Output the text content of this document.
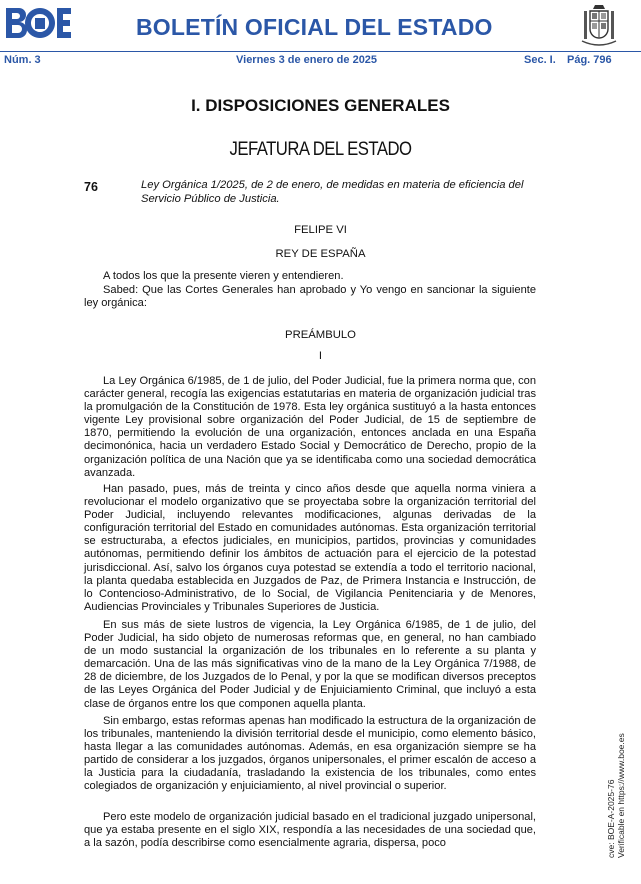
BOLETÍN OFICIAL DEL ESTADO
Núm. 3	Viernes 3 de enero de 2025	Sec. I. Pág. 796
I. DISPOSICIONES GENERALES
JEFATURA DEL ESTADO
76	Ley Orgánica 1/2025, de 2 de enero, de medidas en materia de eficiencia del Servicio Público de Justicia.
FELIPE VI
REY DE ESPAÑA

A todos los que la presente vieren y entendieren.

Sabed: Que las Cortes Generales han aprobado y Yo vengo en sancionar la siguiente ley orgánica:

PREÁMBULO
I

La Ley Orgánica 6/1985, de 1 de julio, del Poder Judicial, fue la primera norma que, con carácter general, recogía las exigencias estatutarias en materia de organización judicial tras la promulgación de la Constitución de 1978. Esta ley orgánica sustituyó a la hasta entonces vigente Ley provisional sobre organización del Poder Judicial, de 15 de septiembre de 1870, permitiendo la evolución de una organización, entonces anclada en una España decimonónica, hacia un verdadero Estado Social y Democrático de Derecho, propio de la organización política de una Nación que ya se identificaba como una sociedad democrática avanzada.

Han pasado, pues, más de treinta y cinco años desde que aquella norma viniera a revolucionar el modelo organizativo que se proyectaba sobre la organización territorial del Poder Judicial, incluyendo relevantes modificaciones, algunas derivadas de la configuración territorial del Estado en comunidades autónomas. Esta organización territorial se estructuraba, a efectos judiciales, en municipios, partidos, provincias y comunidades autónomas, permitiendo definir los ámbitos de actuación para el ejercicio de la potestad jurisdiccional. Así, salvo los órganos cuya potestad se extendía a todo el territorio nacional, la planta quedaba establecida en Juzgados de Paz, de Primera Instancia e Instrucción, de lo Contencioso-Administrativo, de lo Social, de Vigilancia Penitenciaria y de Menores, Audiencias Provinciales y Tribunales Superiores de Justicia.

En sus más de siete lustros de vigencia, la Ley Orgánica 6/1985, de 1 de julio, del Poder Judicial, ha sido objeto de numerosas reformas que, en general, no han cambiado de un modo sustancial la organización de los tribunales en lo referente a su planta y demarcación. Una de las más significativas vino de la mano de la Ley Orgánica 7/1988, de 28 de diciembre, de los Juzgados de lo Penal, y por la que se modifican diversos preceptos de las Leyes Orgánica del Poder Judicial y de Enjuiciamiento Criminal, que incluyó a esta clase de órganos entre los que componen aquella planta.

Sin embargo, estas reformas apenas han modificado la estructura de la organización de los tribunales, manteniendo la división territorial desde el municipio, como elemento básico, hasta llegar a las comunidades autónomas. Además, en esa organización siempre se ha partido de considerar a los juzgados, órganos unipersonales, el primer escalón de acceso a la Justicia para la ciudadanía, trasladando la existencia de los tribunales, como entes colegiados de organización y enjuiciamiento, al nivel provincial o superior.

Pero este modelo de organización judicial basado en el tradicional juzgado unipersonal, que ya estaba presente en el siglo XIX, respondía a las necesidades de una sociedad que, a la sazón, podía describirse como esencialmente agraria, dispersa, poco	cve: BOE-A-2025-76 Verificable en https://www.boe.es
